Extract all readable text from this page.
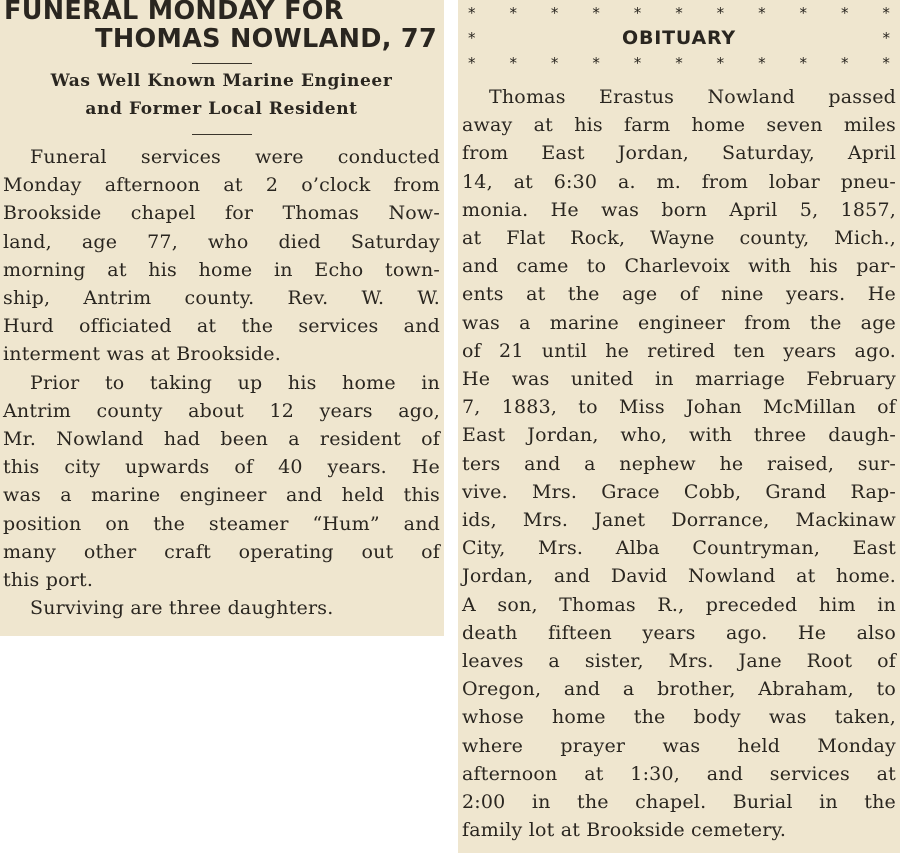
FUNERAL MONDAY FOR
THOMAS NOWLAND, 77
Was Well Known Marine Engineer
and Former Local Resident

Funeral services were conducted
Monday afternoon at 2 o’clock from
Brookside chapel for Thomas Now-
land, age 77, who died Saturday
morning at his home in Echo town-
ship, Antrim county. Rev. W. W.
Hurd officiated at the services and
interment was at Brookside.
Prior to taking up his home in
Antrim county about 12 years ago,
Mr. Nowland had been a resident of
this city upwards of 40 years. He
was a marine engineer and held this
position on the steamer “Hum” and
many other craft operating out of
this port.
Surviving are three daughters.

* * * * * * * * * * *
*	OBITUARY	*
* * * * * * * * * * *

Thomas Erastus Nowland passed
away at his farm home seven miles
from East Jordan, Saturday, April
14, at 6:30 a. m. from lobar pneu-
monia. He was born April 5, 1857,
at Flat Rock, Wayne county, Mich.,
and came to Charlevoix with his par-
ents at the age of nine years. He
was a marine engineer from the age
of 21 until he retired ten years ago.
He was united in marriage February
7, 1883, to Miss Johan McMillan of
East Jordan, who, with three daugh-
ters and a nephew he raised, sur-
vive. Mrs. Grace Cobb, Grand Rap-
ids, Mrs. Janet Dorrance, Mackinaw
City, Mrs. Alba Countryman, East
Jordan, and David Nowland at home.
A son, Thomas R., preceded him in
death fifteen years ago. He also
leaves a sister, Mrs. Jane Root of
Oregon, and a brother, Abraham, to
whose home the body was taken,
where prayer was held Monday
afternoon at 1:30, and services at
2:00 in the chapel. Burial in the
family lot at Brookside cemetery.
